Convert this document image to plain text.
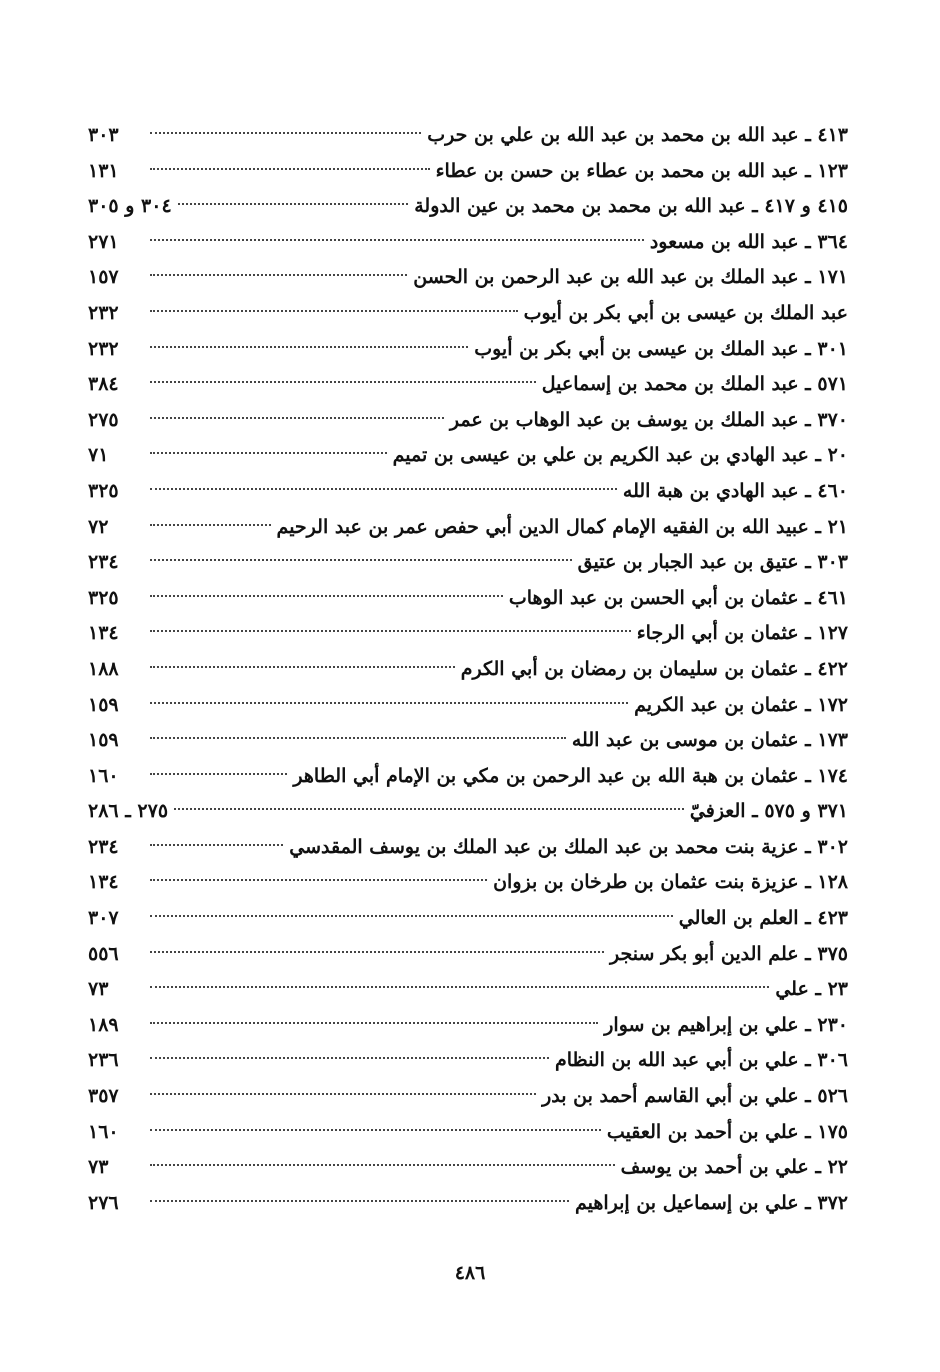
٤١٣ ـ عبد الله بن محمد بن عبد الله بن علي بن حرب
٣٠٣
١٢٣ ـ عبد الله بن محمد بن عطاء بن حسن بن عطاء
١٣١
٤١٥ و ٤١٧ ـ عبد الله بن محمد بن محمد بن عين الدولة
٣٠٤ و ٣٠٥
٣٦٤ ـ عبد الله بن مسعود
٢٧١
١٧١ ـ عبد الملك بن عبد الله بن عبد الرحمن بن الحسن
١٥٧
عبد الملك بن عيسى بن أبي بكر بن أيوب
٢٣٢
٣٠١ ـ عبد الملك بن عيسى بن أبي بكر بن أيوب
٢٣٢
٥٧١ ـ عبد الملك بن محمد بن إسماعيل
٣٨٤
٣٧٠ ـ عبد الملك بن يوسف بن عبد الوهاب بن عمر
٢٧٥
٢٠ ـ عبد الهادي بن عبد الكريم بن علي بن عيسى بن تميم
٧١
٤٦٠ ـ عبد الهادي بن هبة الله
٣٢٥
٢١ ـ عبيد الله بن الفقيه الإمام كمال الدين أبي حفص عمر بن عبد الرحيم
٧٢
٣٠٣ ـ عتيق بن عبد الجبار بن عتيق
٢٣٤
٤٦١ ـ عثمان بن أبي الحسن بن عبد الوهاب
٣٢٥
١٢٧ ـ عثمان بن أبي الرجاء
١٣٤
٤٢٢ ـ عثمان بن سليمان بن رمضان بن أبي الكرم
١٨٨
١٧٢ ـ عثمان بن عبد الكريم
١٥٩
١٧٣ ـ عثمان بن موسى بن عبد الله
١٥٩
١٧٤ ـ عثمان بن هبة الله بن عبد الرحمن بن مكي بن الإمام أبي الطاهر
١٦٠
٣٧١ و ٥٧٥ ـ العزفيّ
٢٧٥ ـ ٢٨٦
٣٠٢ ـ عزية بنت محمد بن عبد الملك بن عبد الملك بن يوسف المقدسي
٢٣٤
١٢٨ ـ عزيزة بنت عثمان بن طرخان بن بزوان
١٣٤
٤٢٣ ـ العلم بن العالي
٣٠٧
٣٧٥ ـ علم الدين أبو بكر سنجر
٥٥٦
٢٣ ـ علي
٧٣
٢٣٠ ـ علي بن إبراهيم بن سوار
١٨٩
٣٠٦ ـ علي بن أبي عبد الله بن النظام
٢٣٦
٥٢٦ ـ علي بن أبي القاسم أحمد بن بدر
٣٥٧
١٧٥ ـ علي بن أحمد بن العقيب
١٦٠
٢٢ ـ علي بن أحمد بن يوسف
٧٣
٣٧٢ ـ علي بن إسماعيل بن إبراهيم
٢٧٦
٤٨٦
